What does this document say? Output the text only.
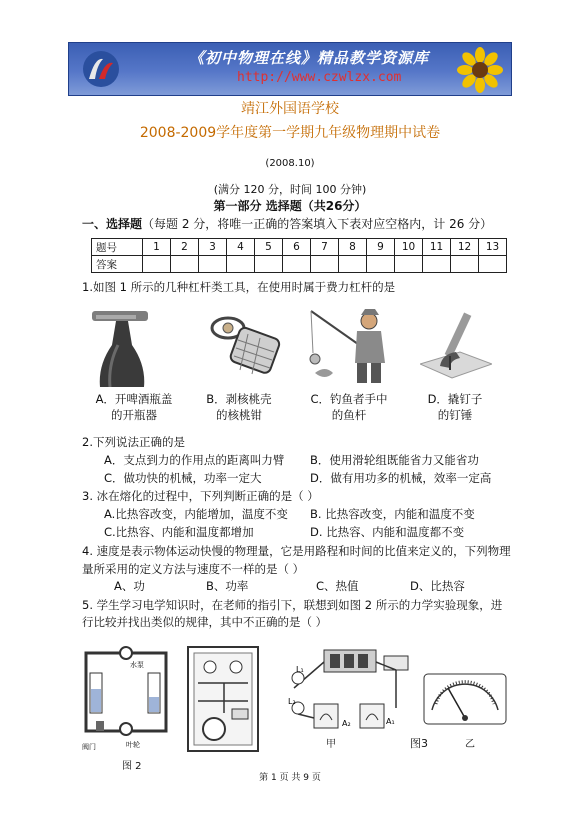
《初中物理在线》精品教学资源库
http://www.czwlzx.com
靖江外国语学校
2008-2009学年度第一学期九年级物理期中试卷
(2008.10)
(满分 120 分，时间 100 分钟)
第一部分 选择题（共26分）
一、选择题（每题 2 分，将唯一正确的答案填入下表对应空格内，计 26 分）
题号	1	2	3	4	5	6	7	8	9	10	11	12	13
答案													
1.如图 1 所示的几种杠杆类工具，在使用时属于费力杠杆的是
A．开啤酒瓶盖
的开瓶器
B．剥核桃壳
的核桃钳
C．钓鱼者手中
的鱼杆
D．撬钉子
的钉锤
2.下列说法正确的是
A．支点到力的作用点的距离叫力臂 B．使用滑轮组既能省力又能省功
C．做功快的机械，功率一定大	D．做有用功多的机械，效率一定高
3. 冰在熔化的过程中，下列判断正确的是（ ）
A.比热容改变，内能增加，温度不变 B. 比热容改变，内能和温度不变
C.比热容、内能和温度都增加	D. 比热容、内能和温度都不变
4. 速度是表示物体运动快慢的物理量，它是用路程和时间的比值来定义的，下列物理
量所采用的定义方法与速度不一样的是（ ）
A、功	B、功率	C、热值	D、比热容
5. 学生学习电学知识时，在老师的指引下，联想到如图 2 所示的力学实验现象，进
行比较并找出类似的规律，其中不正确的是（ ）
水泵
阀门	叶轮
图 2
L₁
L₂
A₂	A₁
甲	图3	乙
第 1 页 共 9 页
